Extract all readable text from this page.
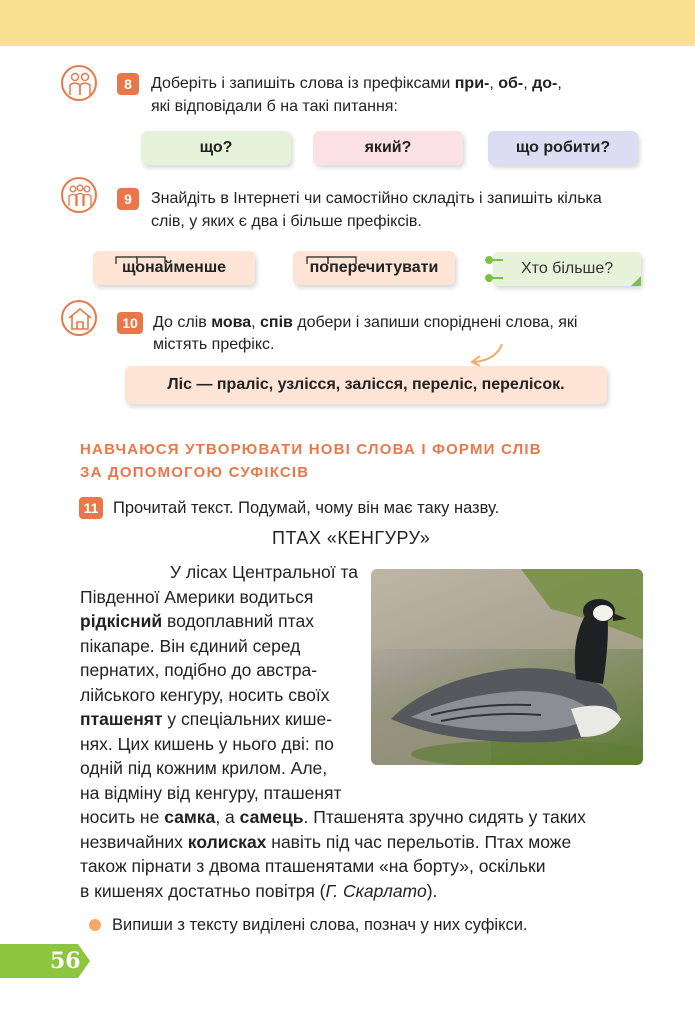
8	Доберіть і запишіть слова із префіксами при-, об-, до-,
які відповідали б на такі питання:
що?	який?	що робити?
9	Знайдіть в Інтернеті чи самостійно складіть і запишіть кілька
слів, у яких є два і більше префіксів.
щонайменше	поперечитувати	Хто більше?
10 До слів мова, спів добери і запиши споріднені слова, які
містять префікс.
Ліс — праліс, узлісся, залісся, переліс, перелісок.
НАВЧАЮСЯ УТВОРЮВАТИ НОВІ СЛОВА І ФОРМИ СЛІВ
ЗА ДОПОМОГОЮ СУФІКСІВ
11 Прочитай текст. Подумай, чому він має таку назву.
ПТАХ «КЕНГУРУ»
У лісах Центральної та
Південної Америки водиться
рідкісний водоплавний птах
пікапаре. Він єдиний серед
пернатих, подібно до австра-
лійського кенгуру, носить своїх
пташенят у спеціальних кише-
нях. Цих кишень у нього дві: по
одній під кожним крилом. Але,
на відміну від кенгуру, пташенят
носить не самка, а самець. Пташенята зручно сидять у таких
незвичайних колисках навіть під час перельотів. Птах може
також пірнати з двома пташенятами «на борту», оскільки
в кишенях достатньо повітря (Г. Скарлато).
Випиши з тексту виділені слова, познач у них суфікси.
56
